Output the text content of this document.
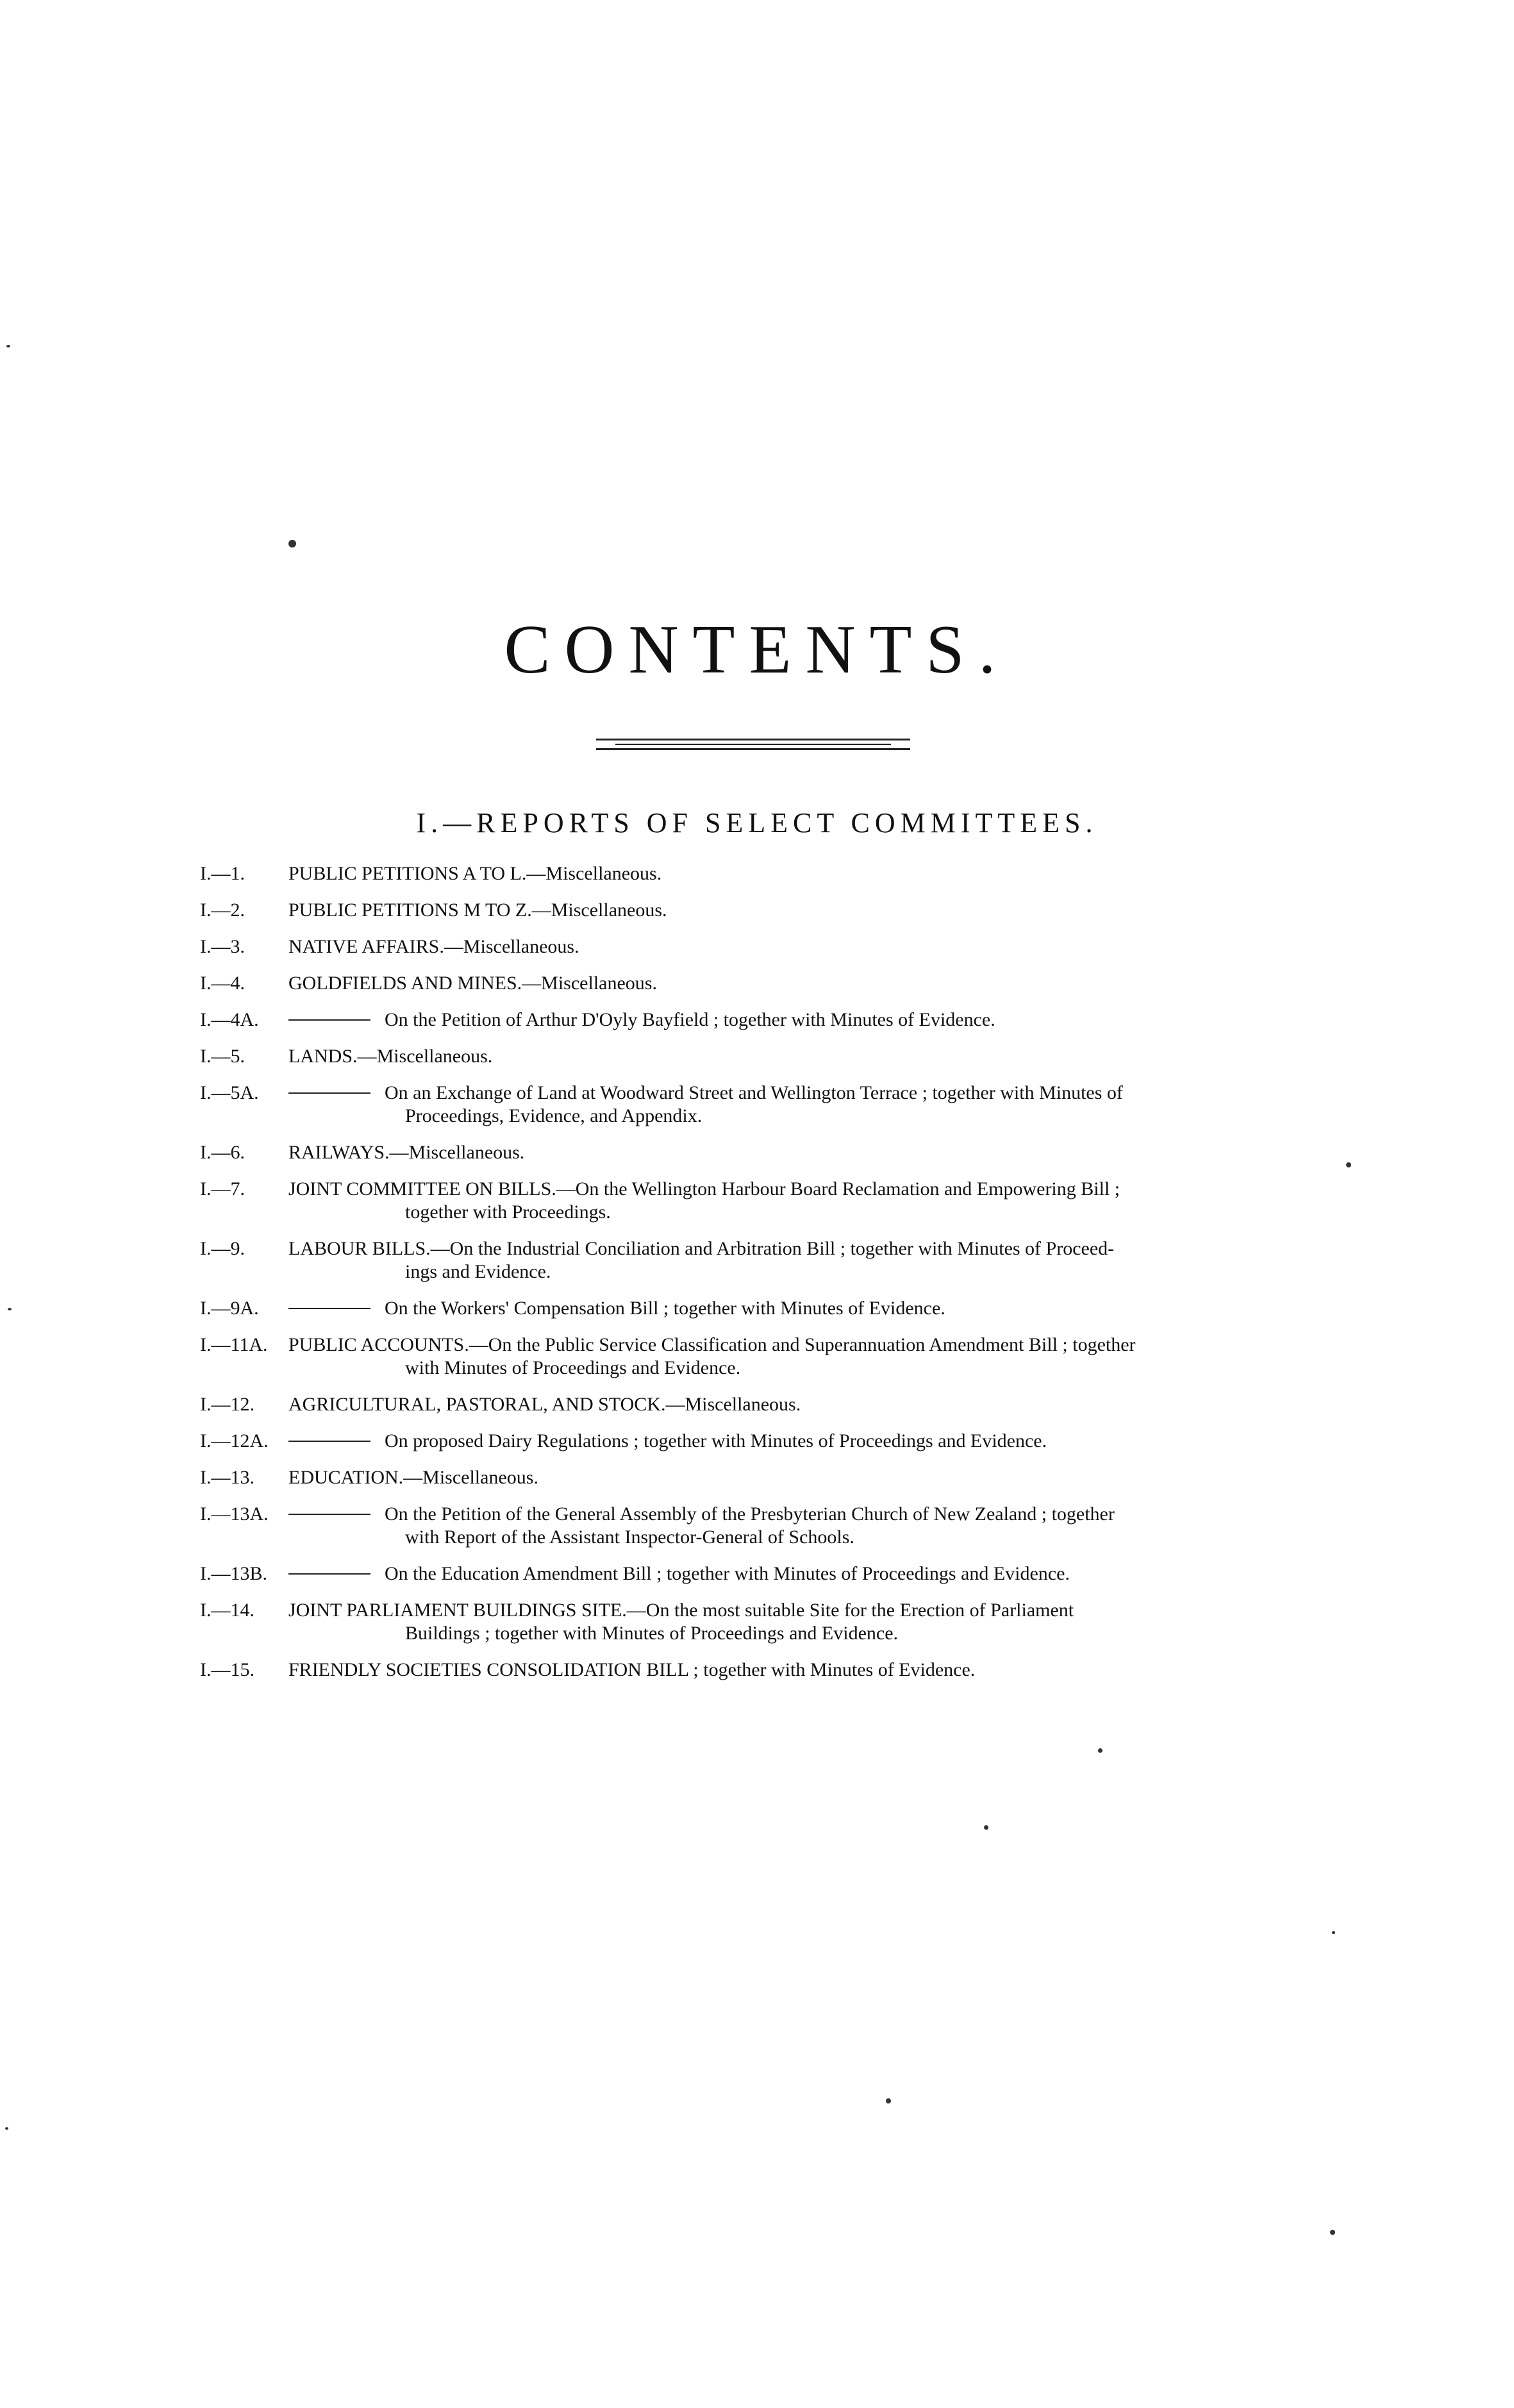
CONTENTS.
I.—REPORTS OF SELECT COMMITTEES.
I.—1.	PUBLIC PETITIONS A TO L.—Miscellaneous.
I.—2.	PUBLIC PETITIONS M TO Z.—Miscellaneous.
I.—3.	NATIVE AFFAIRS.—Miscellaneous.
I.—4.	GOLDFIELDS AND MINES.—Miscellaneous.
I.—4A.	On the Petition of Arthur D'Oyly Bayfield ; together with Minutes of Evidence.
I.—5.	LANDS.—Miscellaneous.
I.—5A.	On an Exchange of Land at Woodward Street and Wellington Terrace ; together with Minutes of
Proceedings, Evidence, and Appendix.
I.—6.	RAILWAYS.—Miscellaneous.
I.—7.	JOINT COMMITTEE ON BILLS.—On the Wellington Harbour Board Reclamation and Empowering Bill ;
together with Proceedings.
I.—9.	LABOUR BILLS.—On the Industrial Conciliation and Arbitration Bill ; together with Minutes of Proceed-
ings and Evidence.
I.—9A.	On the Workers' Compensation Bill ; together with Minutes of Evidence.
I.—11A.	PUBLIC ACCOUNTS.—On the Public Service Classification and Superannuation Amendment Bill ; together
with Minutes of Proceedings and Evidence.
I.—12.	AGRICULTURAL, PASTORAL, AND STOCK.—Miscellaneous.
I.—12A.	On proposed Dairy Regulations ; together with Minutes of Proceedings and Evidence.
I.—13.	EDUCATION.—Miscellaneous.
I.—13A.	On the Petition of the General Assembly of the Presbyterian Church of New Zealand ; together
with Report of the Assistant Inspector-General of Schools.
I.—13B.	On the Education Amendment Bill ; together with Minutes of Proceedings and Evidence.
I.—14.	JOINT PARLIAMENT BUILDINGS SITE.—On the most suitable Site for the Erection of Parliament
Buildings ; together with Minutes of Proceedings and Evidence.
I.—15.	FRIENDLY SOCIETIES CONSOLIDATION BILL ; together with Minutes of Evidence.
